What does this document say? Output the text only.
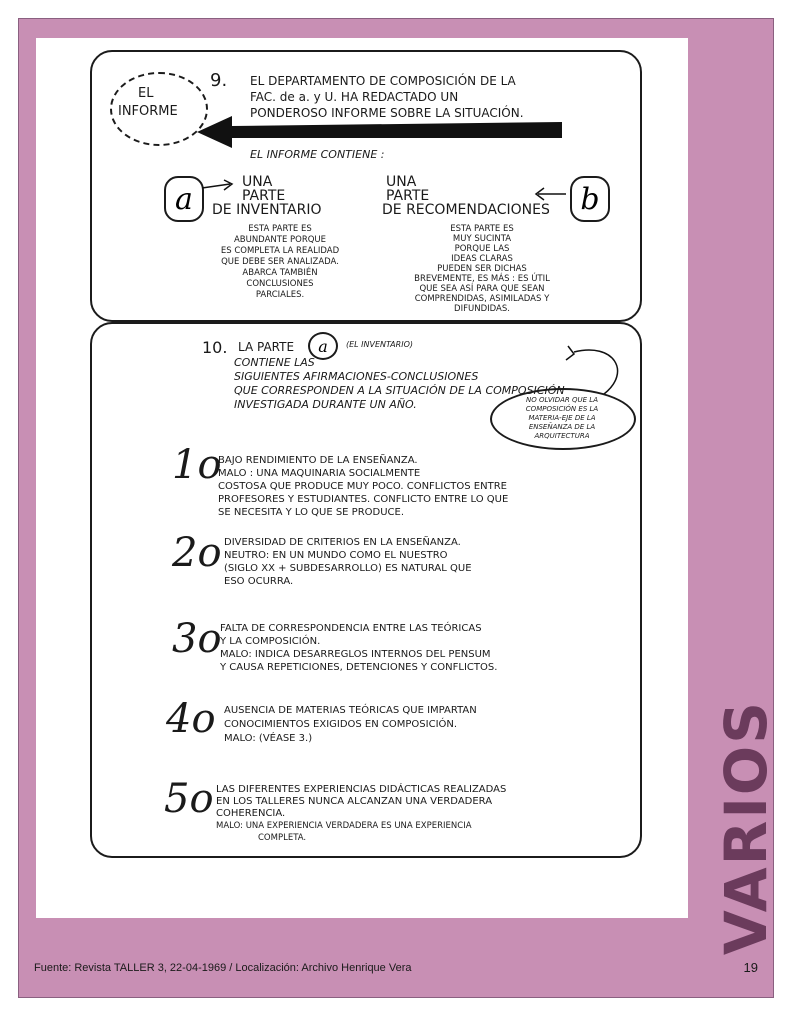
EL
INFORME
9. EL DEPARTAMENTO DE COMPOSICIÓN DE LA
FAC. de a. y U. HA REDACTADO UN
PONDEROSO INFORME SOBRE LA SITUACIÓN.
EL INFORME CONTIENE :
a	UNA
PARTE
DE INVENTARIO
ESTA PARTE ES
ABUNDANTE PORQUE
ES COMPLETA LA REALIDAD
QUE DEBE SER ANALIZADA.
ABARCA TAMBIÉN
CONCLUSIONES
PARCIALES.
UNA
PARTE
DE RECOMENDACIONES b
ESTA PARTE ES
MUY SUCINTA
PORQUE LAS
IDEAS CLARAS
PUEDEN SER DICHAS
BREVEMENTE, ES MÁS : ES ÚTIL
QUE SEA ASÍ PARA QUE SEAN
COMPRENDIDAS, ASIMILADAS Y
DIFUNDIDAS.
10. LA PARTE a (EL INVENTARIO)
CONTIENE LAS
SIGUIENTES AFIRMACIONES-CONCLUSIONES
QUE CORRESPONDEN A LA SITUACIÓN DE LA COMPOSICIÓN
INVESTIGADA DURANTE UN AÑO.	NO OLVIDAR QUE LA
COMPOSICIÓN ES LA
MATERIA-EJE DE LA
ENSEÑANZA DE LA
ARQUITECTURA
1o
BAJO RENDIMIENTO DE LA ENSEÑANZA.
MALO : UNA MAQUINARIA SOCIALMENTE
COSTOSA QUE PRODUCE MUY POCO. CONFLICTOS ENTRE
PROFESORES Y ESTUDIANTES. CONFLICTO ENTRE LO QUE
SE NECESITA Y LO QUE SE PRODUCE.
2o DIVERSIDAD DE CRITERIOS EN LA ENSEÑANZA.
NEUTRO: EN UN MUNDO COMO EL NUESTRO
(SIGLO XX + SUBDESARROLLO) ES NATURAL QUE
ESO OCURRA.
3o
FALTA DE CORRESPONDENCIA ENTRE LAS TEÓRICAS
Y LA COMPOSICIÓN.
MALO: INDICA DESARREGLOS INTERNOS DEL PENSUM
Y CAUSA REPETICIONES, DETENCIONES Y CONFLICTOS.
4o AUSENCIA DE MATERIAS TEÓRICAS QUE IMPARTAN
CONOCIMIENTOS EXIGIDOS EN COMPOSICIÓN.
MALO: (VÉASE 3.)
5o LAS DIFERENTES EXPERIENCIAS DIDÁCTICAS REALIZADAS
EN LOS TALLERES NUNCA ALCANZAN UNA VERDADERA
COHERENCIA.
MALO: UNA EXPERIENCIA VERDADERA ES UNA EXPERIENCIA
COMPLETA.	VARIOS
Fuente: Revista TALLER 3, 22-04-1969 / Localización: Archivo Henrique Vera	19
